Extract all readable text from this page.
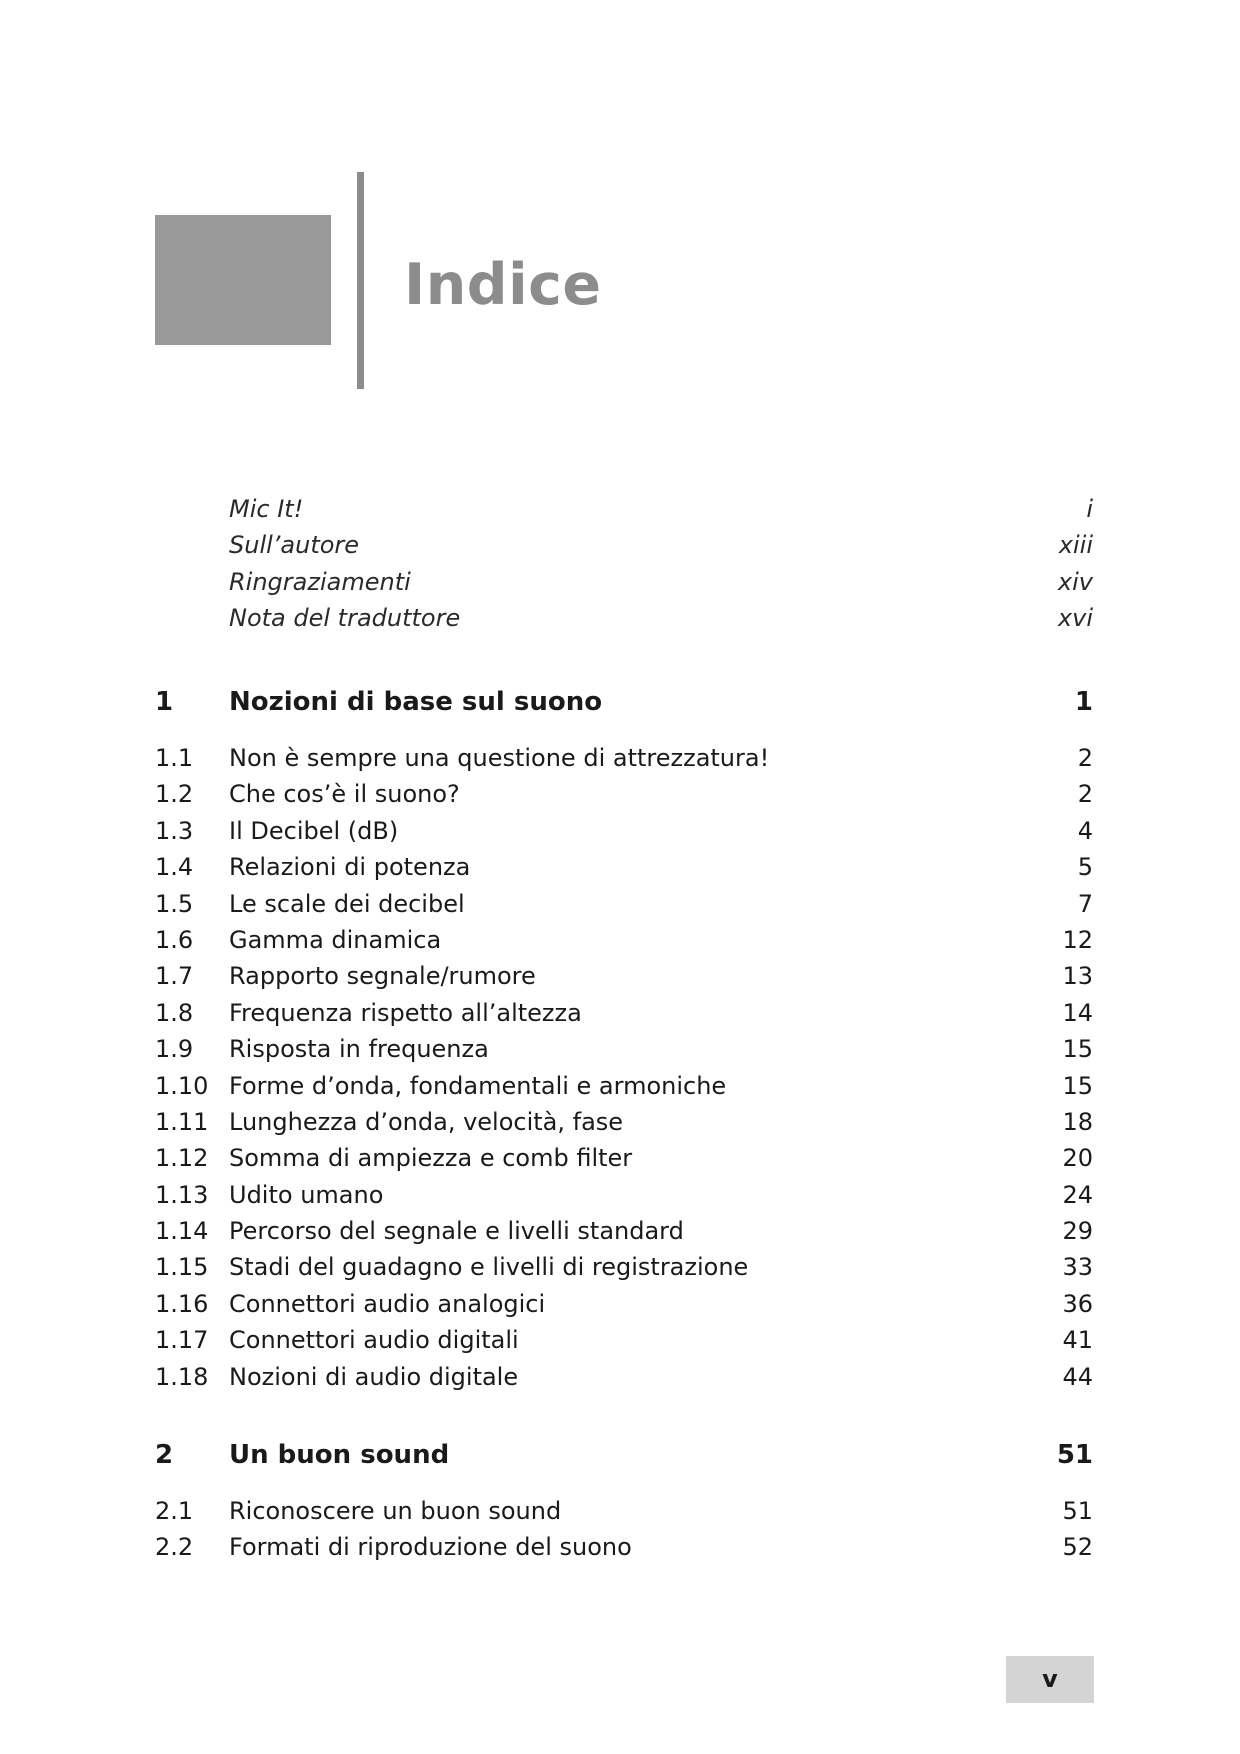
Indice
Mic It!	i
Sull’autore	xiii
Ringraziamenti	xiv
Nota del traduttore	xvi
1 Nozioni di base sul suono	1
1.1 Non è sempre una questione di attrezzatura!	2
1.2 Che cos’è il suono?	2
1.3 Il Decibel (dB)	4
1.4 Relazioni di potenza	5
1.5 Le scale dei decibel	7
1.6 Gamma dinamica	12
1.7 Rapporto segnale/rumore	13
1.8 Frequenza rispetto all’altezza	14
1.9 Risposta in frequenza	15
1.10 Forme d’onda, fondamentali e armoniche	15
1.11 Lunghezza d’onda, velocità, fase	18
1.12 Somma di ampiezza e comb filter	20
1.13 Udito umano	24
1.14 Percorso del segnale e livelli standard	29
1.15 Stadi del guadagno e livelli di registrazione	33
1.16 Connettori audio analogici	36
1.17 Connettori audio digitali	41
1.18 Nozioni di audio digitale	44
2 Un buon sound	51
2.1 Riconoscere un buon sound	51
2.2 Formati di riproduzione del suono	52
v
